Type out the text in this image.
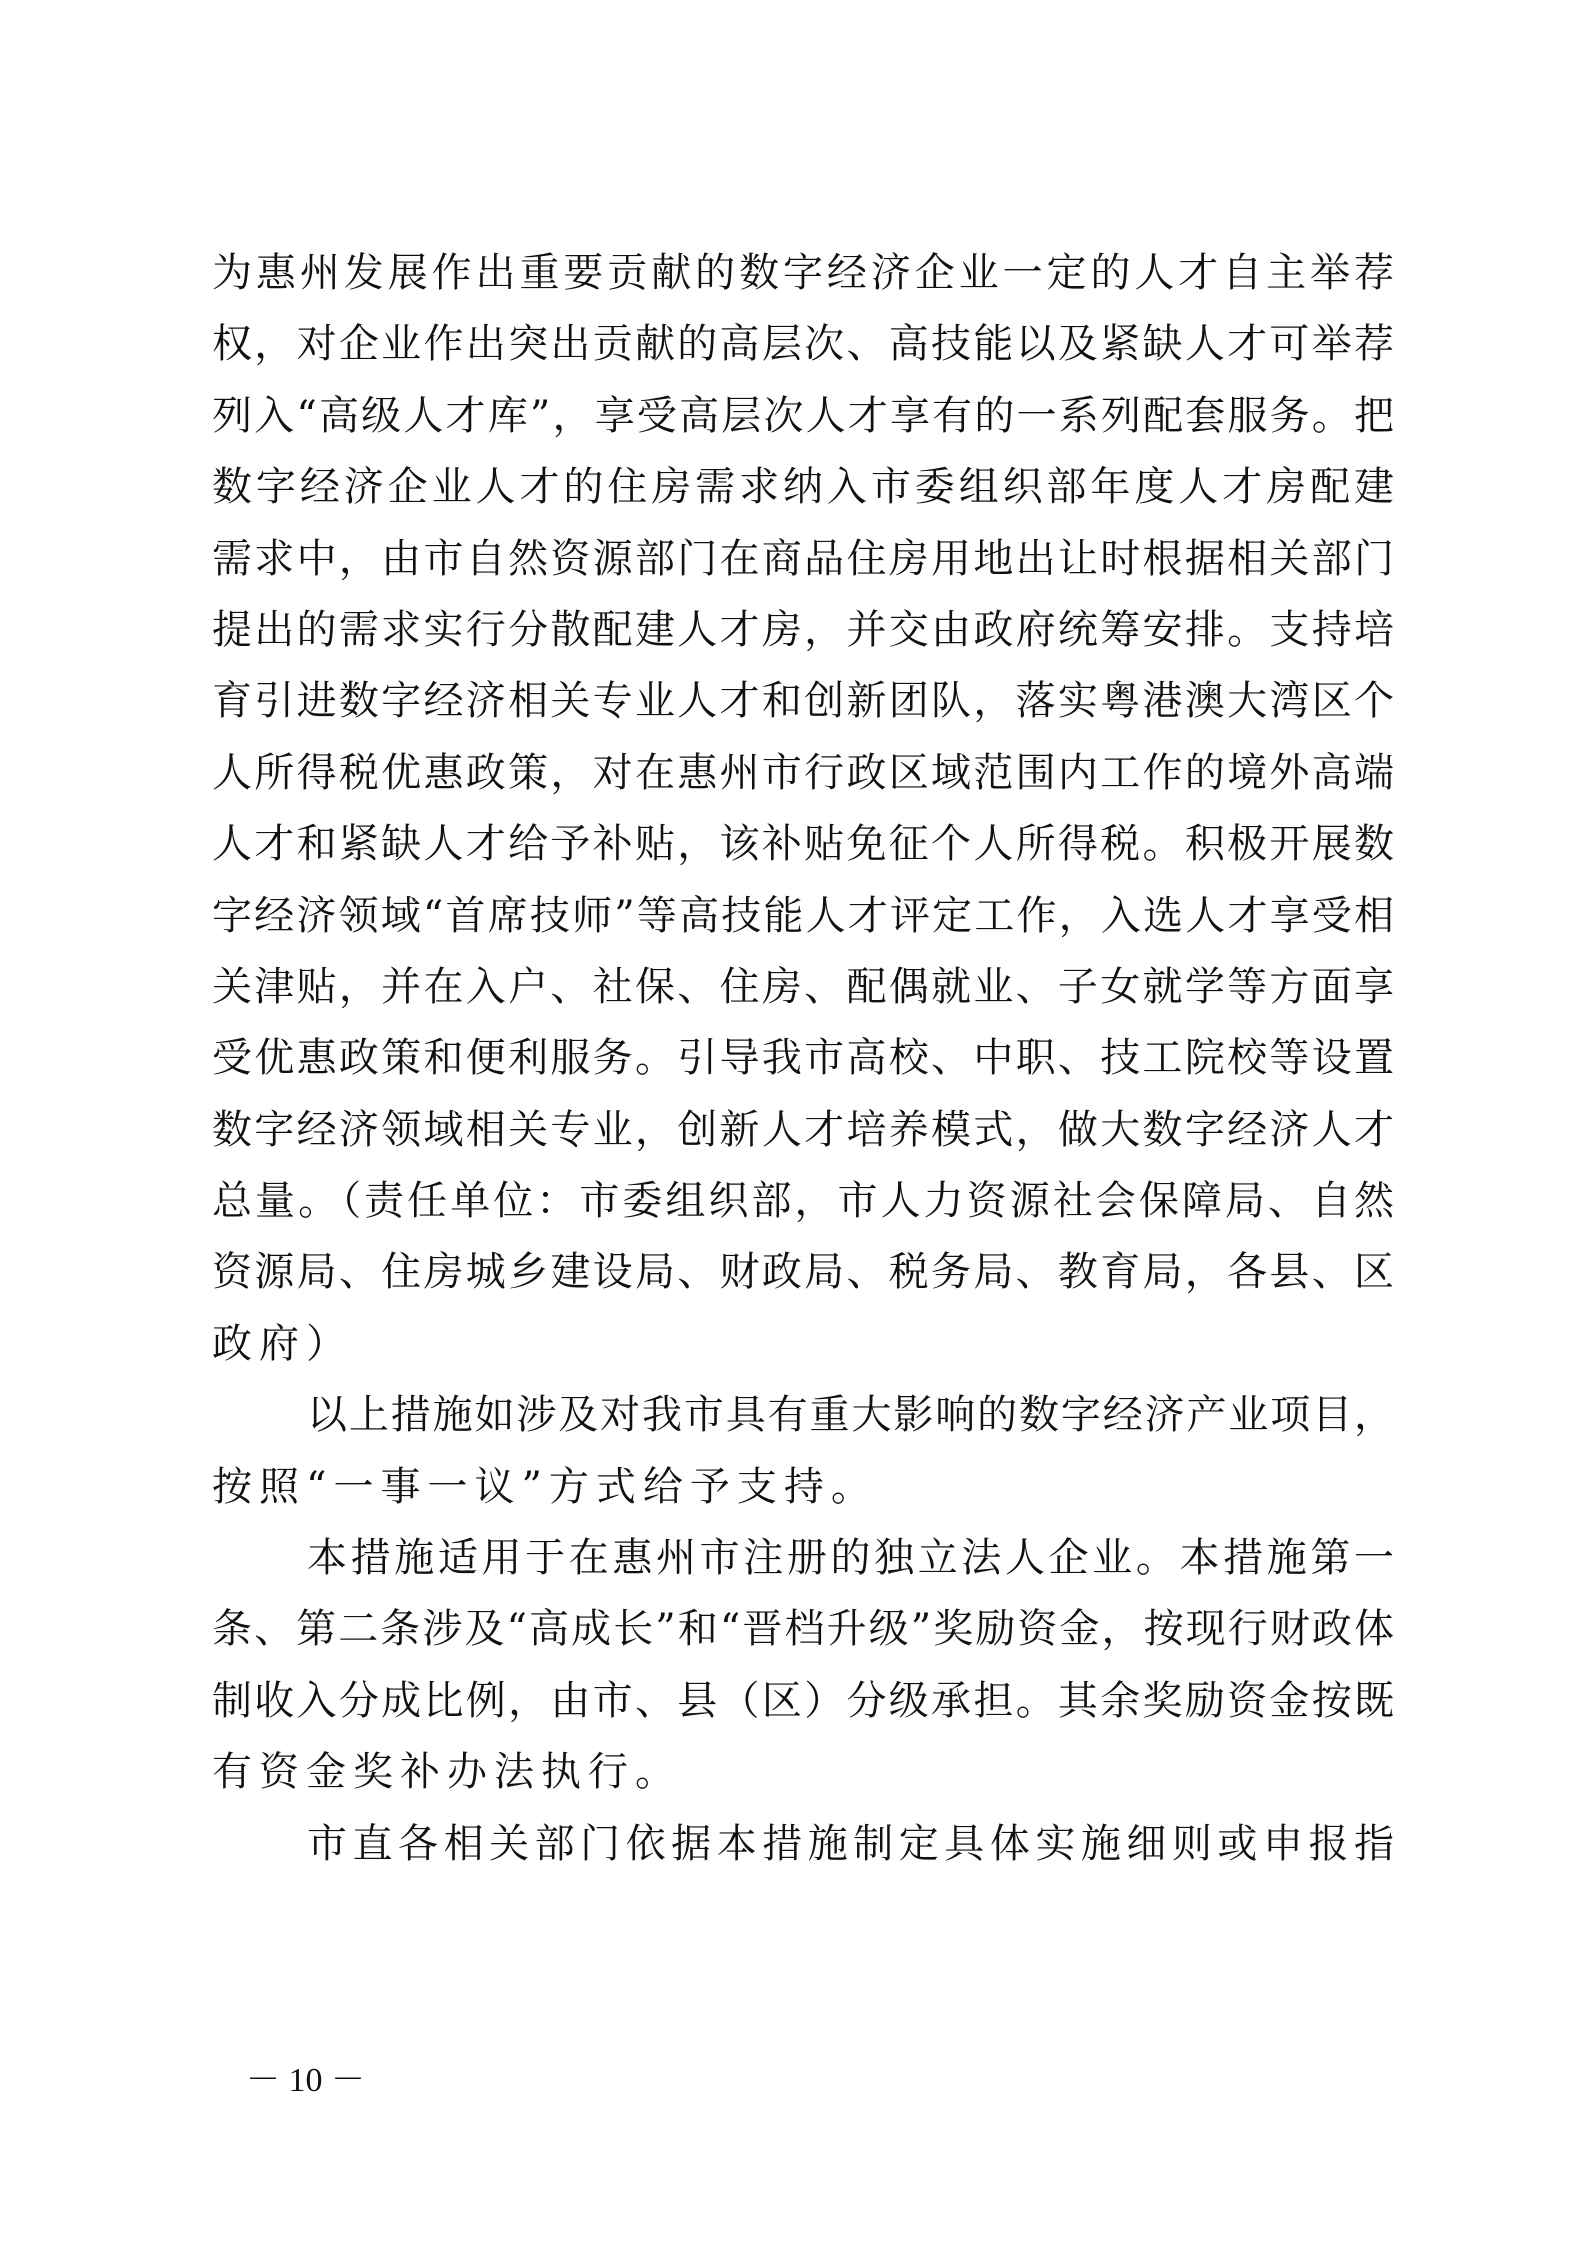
为惠州发展作出重要贡献的数字经济企业一定的人才自主举荐
权，对企业作出突出贡献的高层次、高技能以及紧缺人才可举荐
列入“高级人才库”，享受高层次人才享有的一系列配套服务。把
数字经济企业人才的住房需求纳入市委组织部年度人才房配建
需求中，由市自然资源部门在商品住房用地出让时根据相关部门
提出的需求实行分散配建人才房，并交由政府统筹安排。支持培
育引进数字经济相关专业人才和创新团队，落实粤港澳大湾区个
人所得税优惠政策，对在惠州市行政区域范围内工作的境外高端
人才和紧缺人才给予补贴，该补贴免征个人所得税。积极开展数
字经济领域“首席技师”等高技能人才评定工作，入选人才享受相
关津贴，并在入户、社保、住房、配偶就业、子女就学等方面享
受优惠政策和便利服务。引导我市高校、中职、技工院校等设置
数字经济领域相关专业，创新人才培养模式，做大数字经济人才
总量。（责任单位：市委组织部，市人力资源社会保障局、自然
资源局、住房城乡建设局、财政局、税务局、教育局，各县、区
政府）
以上措施如涉及对我市具有重大影响的数字经济产业项目，
按照“一事一议”方式给予支持。
本措施适用于在惠州市注册的独立法人企业。本措施第一
条、第二条涉及“高成长”和“晋档升级”奖励资金，按现行财政体
制收入分成比例，由市、县（区）分级承担。其余奖励资金按既
有资金奖补办法执行。
市直各相关部门依据本措施制定具体实施细则或申报指
－ 10 －
